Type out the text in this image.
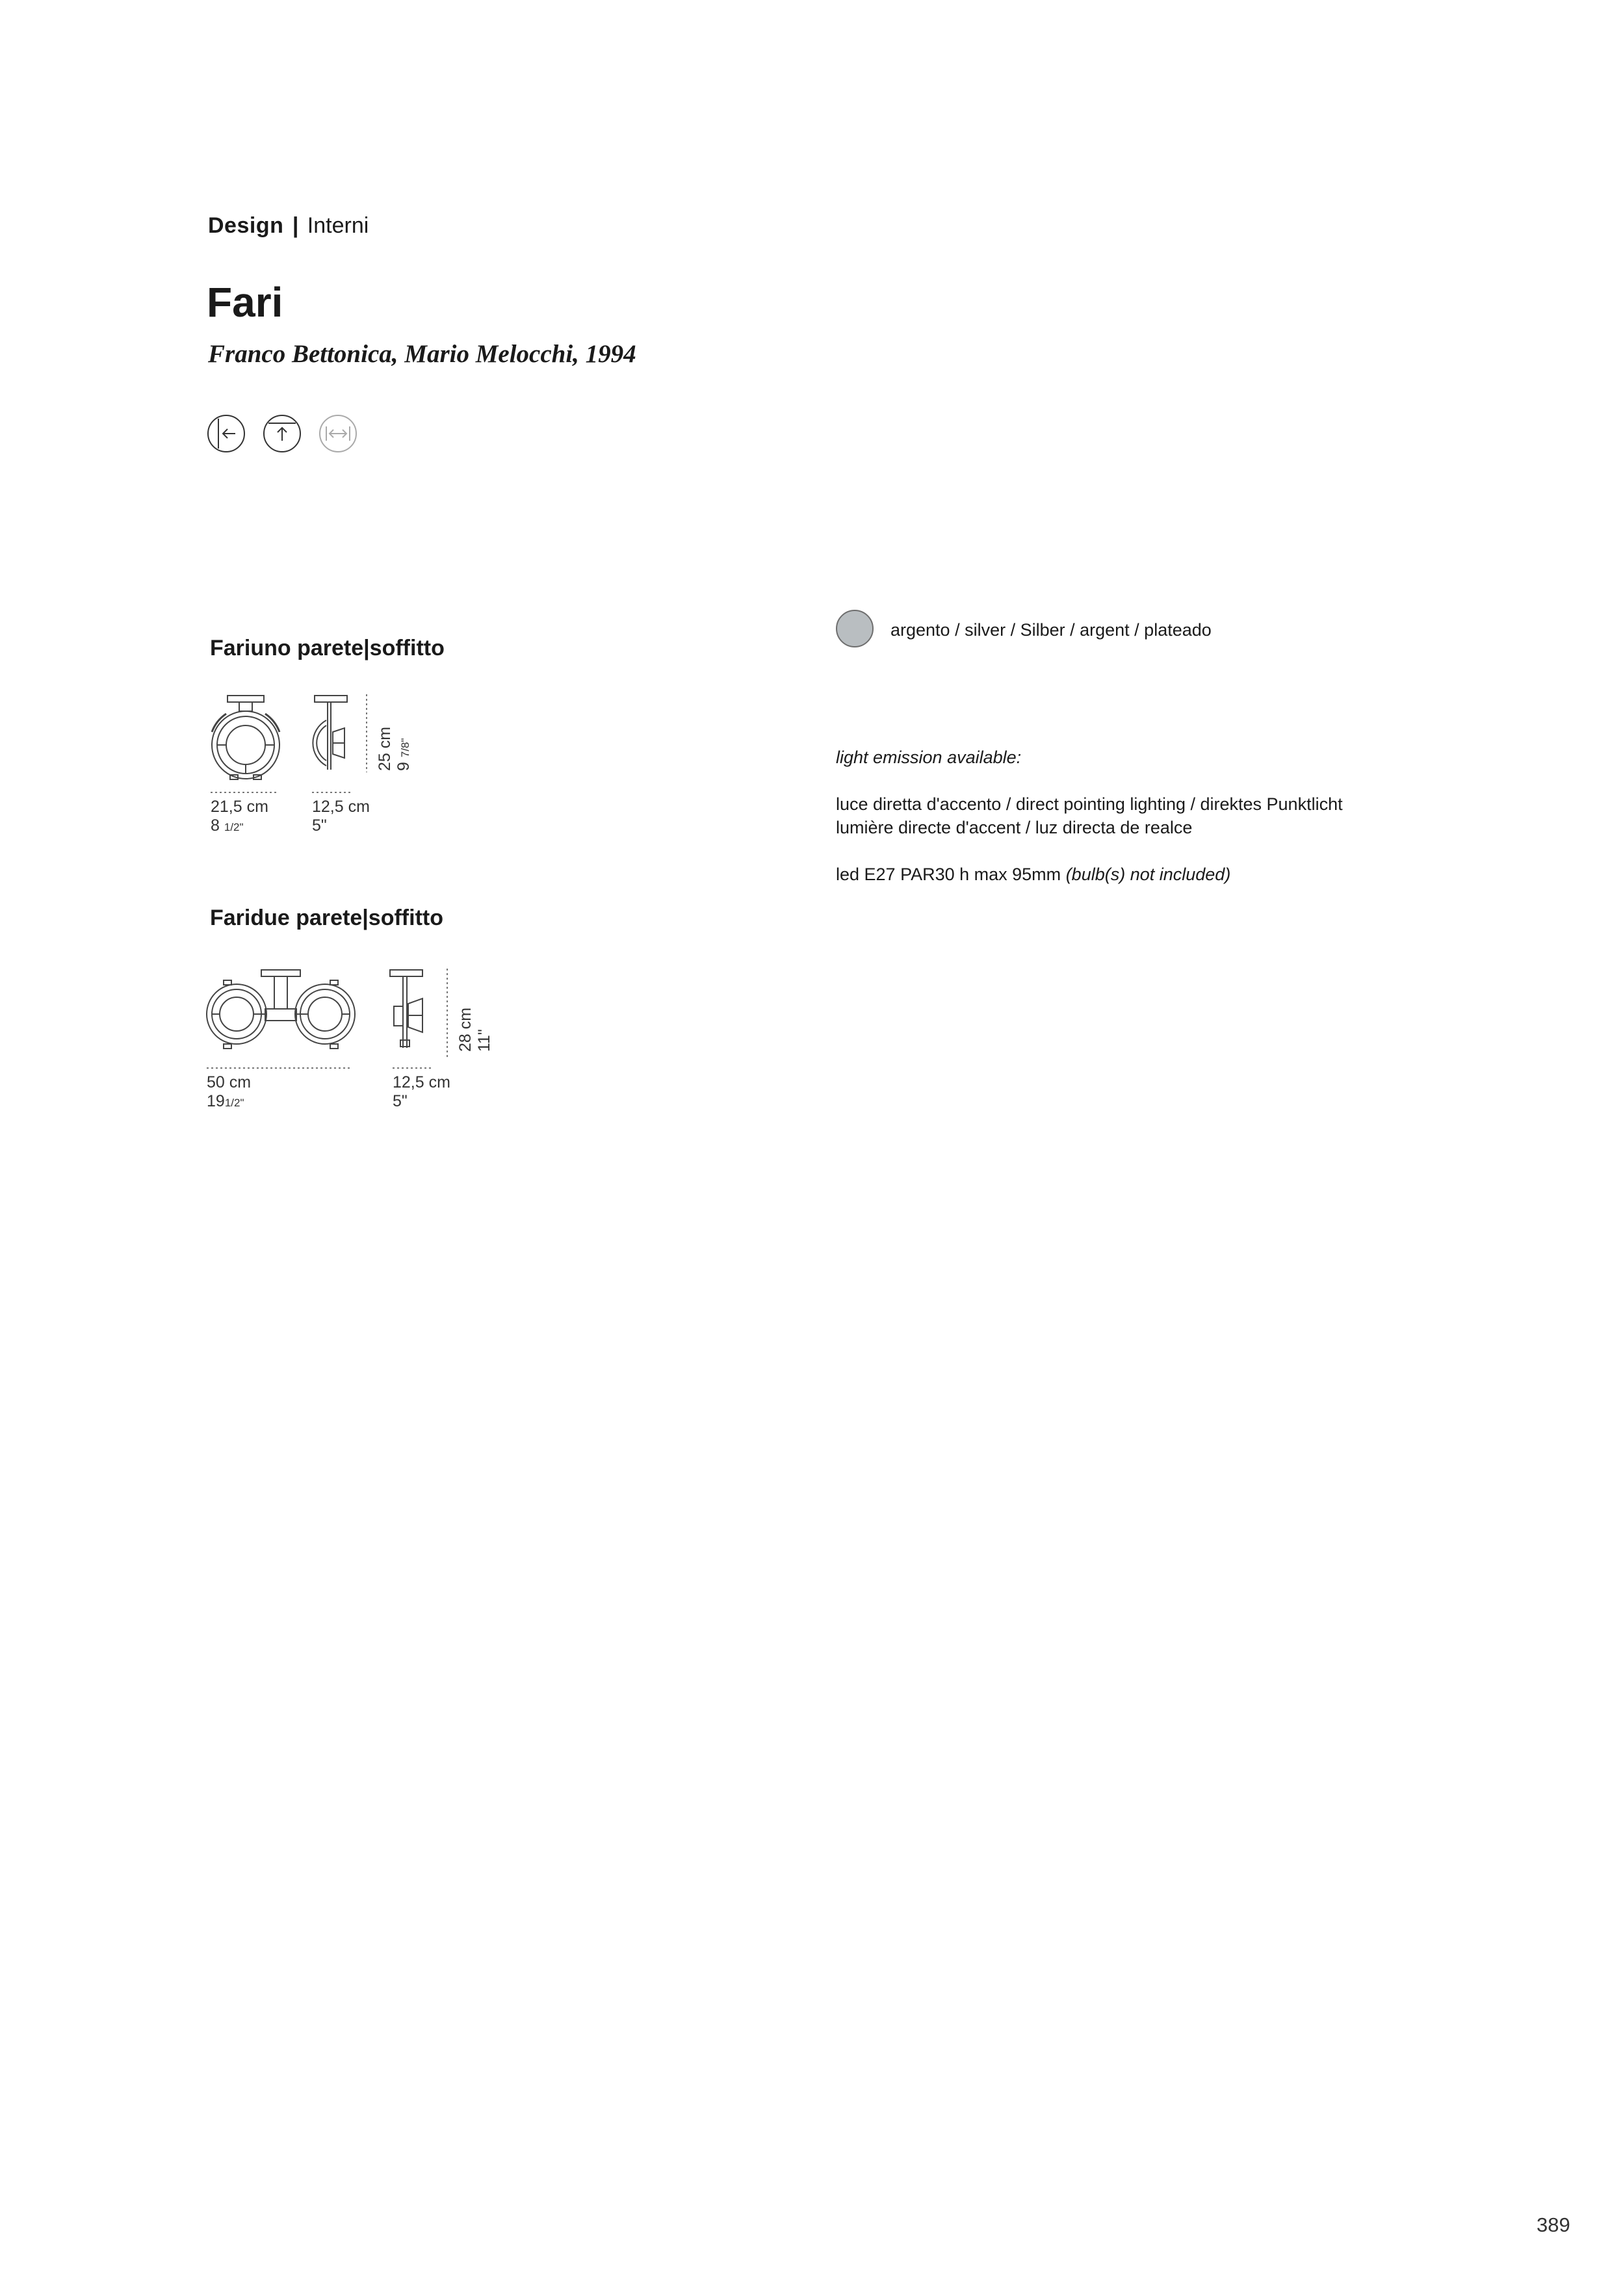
Design | Interni
Fari
Franco Bettonica, Mario Melocchi, 1994
Fariuno parete|soffitto
25 cm 9 7/8"
21,5 cm
8 1/2"
12,5 cm
5"
Faridue parete|soffitto
28 cm 11"
50 cm
191/2"
12,5 cm
5"
argento / silver / Silber / argent / plateado
light emission available:
luce diretta d'accento / direct pointing lighting / direktes Punktlicht
lumière directe d'accent / luz directa de realce
led E27 PAR30 h max 95mm (bulb(s) not included)
389
